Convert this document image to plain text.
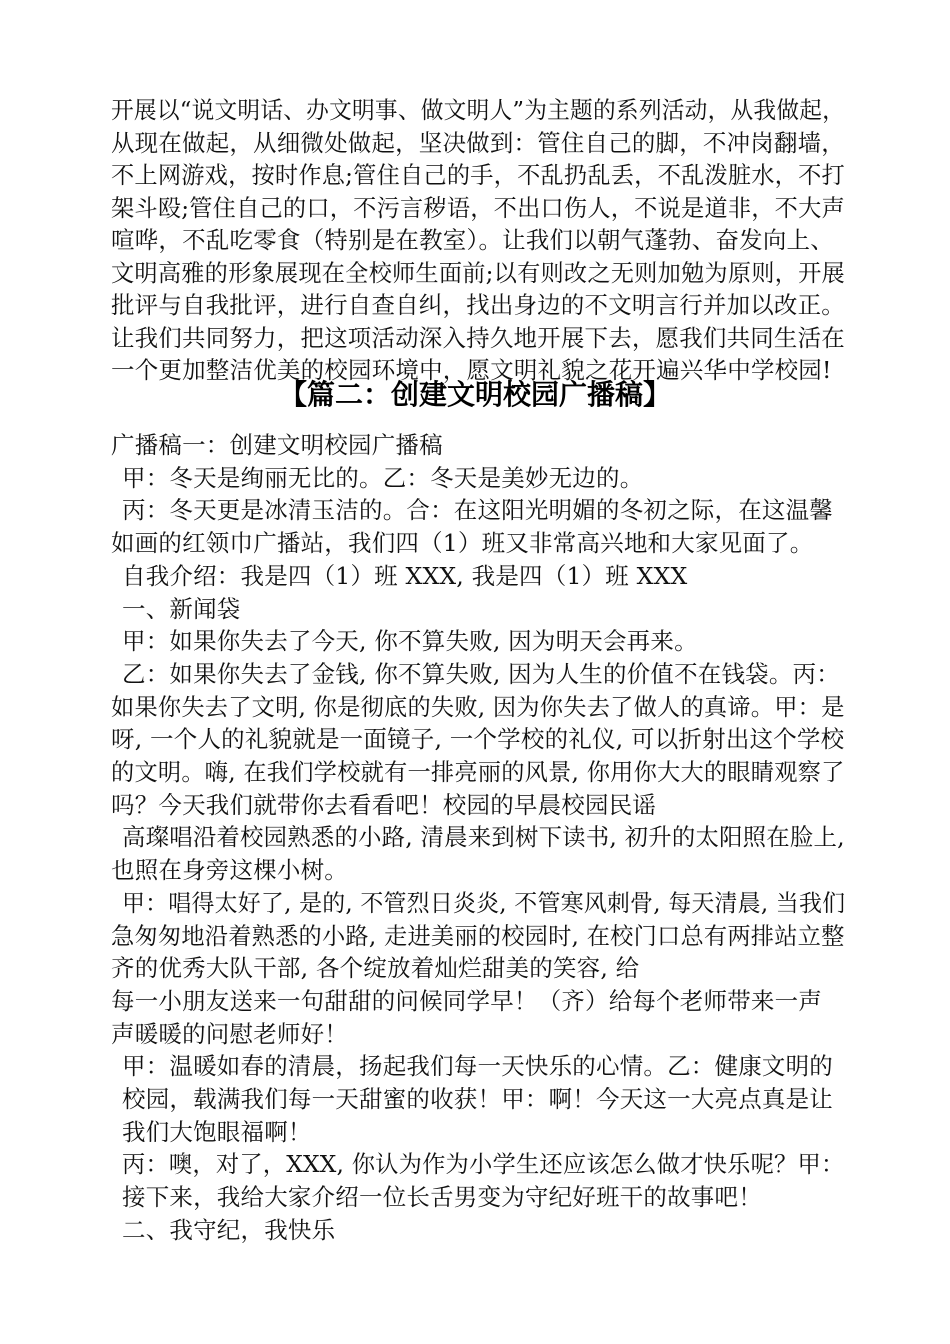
开展以“说文明话、办文明事、做文明人”为主题的系列活动，从我做起，
从现在做起，从细微处做起，坚决做到：管住自己的脚，不冲岗翻墙，
不上网游戏，按时作息;管住自己的手，不乱扔乱丢，不乱泼脏水，不打
架斗殴;管住自己的口，不污言秽语，不出口伤人，不说是道非，不大声
喧哗，不乱吃零食（特别是在教室）。让我们以朝气蓬勃、奋发向上、
文明高雅的形象展现在全校师生面前;以有则改之无则加勉为原则，开展
批评与自我批评，进行自查自纠，找出身边的不文明言行并加以改正。
让我们共同努力，把这项活动深入持久地开展下去，愿我们共同生活在
一个更加整洁优美的校园环境中，愿文明礼貌之花开遍兴华中学校园!
【篇二：创建文明校园广播稿】
广播稿一：创建文明校园广播稿
甲：冬天是绚丽无比的。乙：冬天是美妙无边的。
丙：冬天更是冰清玉洁的。合：在这阳光明媚的冬初之际，在这温馨
如画的红领巾广播站，我们四（1）班又非常高兴地和大家见面了。
自我介绍：我是四（1）班 XXX, 我是四（1）班 XXX
一、新闻袋
甲：如果你失去了今天, 你不算失败, 因为明天会再来。
乙：如果你失去了金钱, 你不算失败, 因为人生的价值不在钱袋。丙：
如果你失去了文明, 你是彻底的失败, 因为你失去了做人的真谛。甲：是
呀, 一个人的礼貌就是一面镜子, 一个学校的礼仪, 可以折射出这个学校
的文明。嗨, 在我们学校就有一排亮丽的风景, 你用你大大的眼睛观察了
吗？今天我们就带你去看看吧！校园的早晨校园民谣
高璨唱沿着校园熟悉的小路, 清晨来到树下读书, 初升的太阳照在脸上,
也照在身旁这棵小树。
甲：唱得太好了, 是的, 不管烈日炎炎, 不管寒风刺骨, 每天清晨, 当我们
急匆匆地沿着熟悉的小路, 走进美丽的校园时, 在校门口总有两排站立整
齐的优秀大队干部, 各个绽放着灿烂甜美的笑容, 给
每一小朋友送来一句甜甜的问候同学早！（齐）给每个老师带来一声
声暖暖的问慰老师好！
甲：温暖如春的清晨，扬起我们每一天快乐的心情。乙：健康文明的
校园，载满我们每一天甜蜜的收获！甲：啊！今天这一大亮点真是让
我们大饱眼福啊！
丙：噢，对了，XXX, 你认为作为小学生还应该怎么做才快乐呢？甲：
接下来，我给大家介绍一位长舌男变为守纪好班干的故事吧！
二、我守纪，我快乐
